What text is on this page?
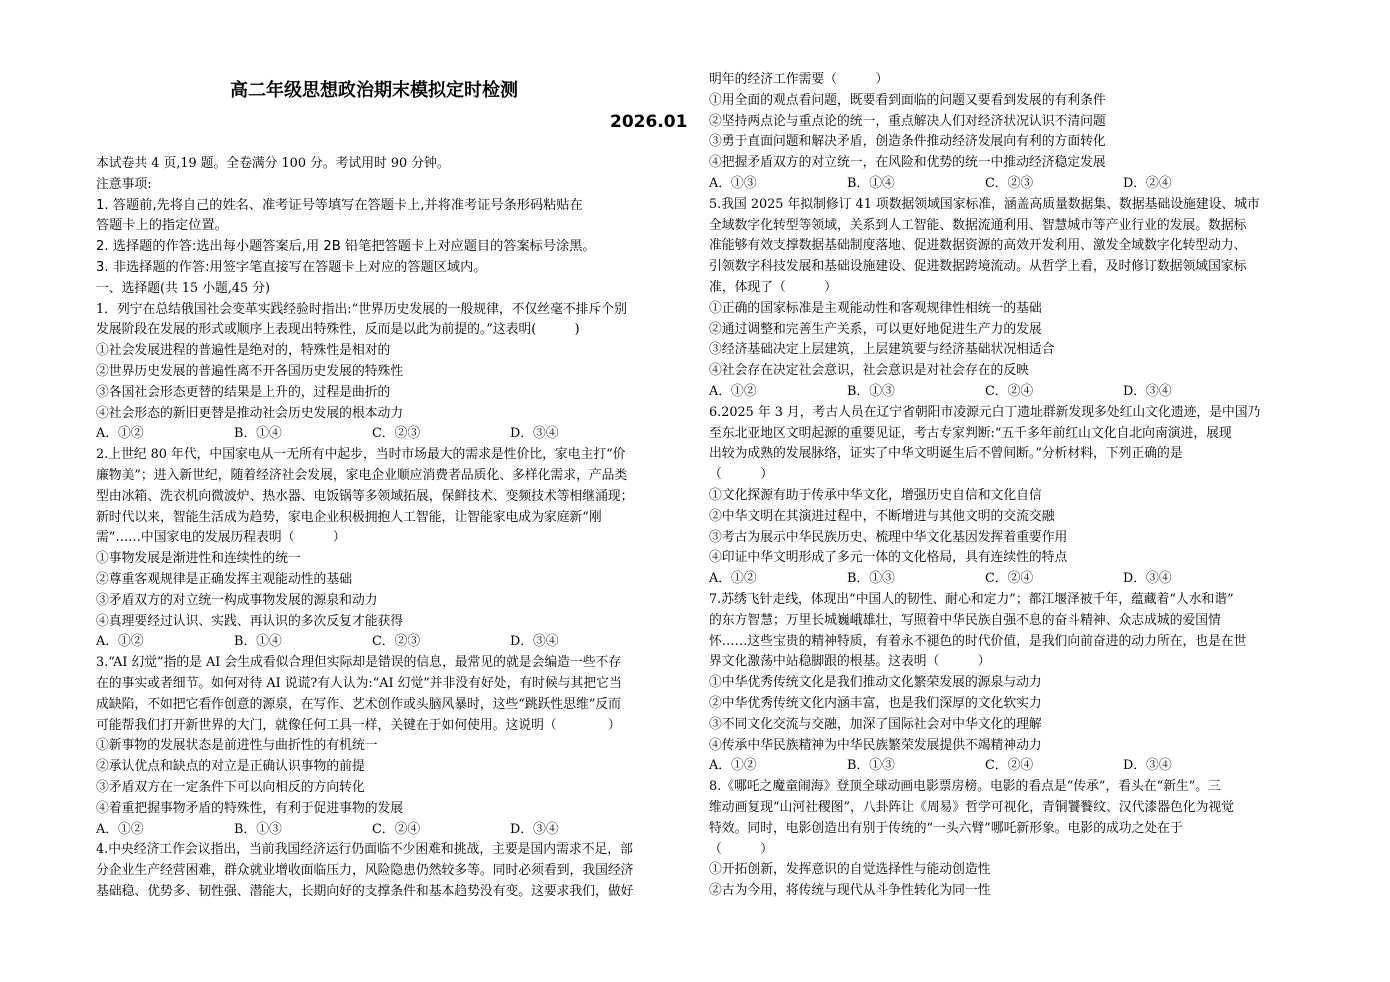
高二年级思想政治期末模拟定时检测
2026.01
本试卷共 4 页,19 题。全卷满分 100 分。考试用时 90 分钟。
注意事项:
1. 答题前,先将自己的姓名、准考证号等填写在答题卡上,并将准考证号条形码粘贴在
答题卡上的指定位置。
2. 选择题的作答:选出每小题答案后,用 2B 铅笔把答题卡上对应题目的答案标号涂黑。
3. 非选择题的作答:用签字笔直接写在答题卡上对应的答题区域内。
一、选择题(共 15 小题,45 分)
1．列宁在总结俄国社会变革实践经验时指出:“世界历史发展的一般规律，不仅丝毫不排斥个别
发展阶段在发展的形式或顺序上表现出特殊性，反而是以此为前提的。”这表明(　　　)
①社会发展进程的普遍性是绝对的，特殊性是相对的
②世界历史发展的普遍性离不开各国历史发展的特殊性
③各国社会形态更替的结果是上升的，过程是曲折的
④社会形态的新旧更替是推动社会历史发展的根本动力
A．①②	B．①④	C．②③	D．③④
2.上世纪 80 年代，中国家电从一无所有中起步，当时市场最大的需求是性价比，家电主打“价
廉物美”；进入新世纪，随着经济社会发展，家电企业顺应消费者品质化、多样化需求，产品类
型由冰箱、洗衣机向微波炉、热水器、电饭锅等多领域拓展，保鲜技术、变频技术等相继涌现；
新时代以来，智能生活成为趋势，家电企业积极拥抱人工智能，让智能家电成为家庭新“刚
需”……中国家电的发展历程表明（　　　）
①事物发展是渐进性和连续性的统一
②尊重客观规律是正确发挥主观能动性的基础
③矛盾双方的对立统一构成事物发展的源泉和动力
④真理要经过认识、实践、再认识的多次反复才能获得
A．①②	B．①④	C．②③	D．③④
3.“AI 幻觉”指的是 AI 会生成看似合理但实际却是错误的信息，最常见的就是会编造一些不存
在的事实或者细节。如何对待 AI 说谎?有人认为:“AI 幻觉”并非没有好处，有时候与其把它当
成缺陷，不如把它看作创意的源泉，在写作、艺术创作或头脑风暴时，这些“跳跃性思维”反而
可能帮我们打开新世界的大门，就像任何工具一样，关键在于如何使用。这说明（　　　　）
①新事物的发展状态是前进性与曲折性的有机统一
②承认优点和缺点的对立是正确认识事物的前提
③矛盾双方在一定条件下可以向相反的方向转化
④着重把握事物矛盾的特殊性，有利于促进事物的发展
A．①②	B．①③	C．②④	D．③④
4.中央经济工作会议指出，当前我国经济运行仍面临不少困难和挑战，主要是国内需求不足，部
分企业生产经营困难，群众就业增收面临压力，风险隐患仍然较多等。同时必须看到，我国经济
基础稳、优势多、韧性强、潜能大，长期向好的支撑条件和基本趋势没有变。这要求我们，做好
明年的经济工作需要（　　　）
①用全面的观点看问题，既要看到面临的问题又要看到发展的有利条件
②坚持两点论与重点论的统一，重点解决人们对经济状况认识不清问题
③勇于直面问题和解决矛盾，创造条件推动经济发展向有利的方面转化
④把握矛盾双方的对立统一，在风险和优势的统一中推动经济稳定发展
A．①③	B．①④	C．②③	D．②④
5.我国 2025 年拟制修订 41 项数据领域国家标准，涵盖高质量数据集、数据基础设施建设、城市
全域数字化转型等领域，关系到人工智能、数据流通利用、智慧城市等产业行业的发展。数据标
准能够有效支撑数据基础制度落地、促进数据资源的高效开发利用、激发全域数字化转型动力、
引领数字科技发展和基础设施建设、促进数据跨境流动。从哲学上看，及时修订数据领域国家标
准，体现了（　　　）
①正确的国家标准是主观能动性和客观规律性相统一的基础
②通过调整和完善生产关系，可以更好地促进生产力的发展
③经济基础决定上层建筑，上层建筑要与经济基础状况相适合
④社会存在决定社会意识，社会意识是对社会存在的反映
A．①②	B．①③	C．②④	D．③④
6.2025 年 3 月，考古人员在辽宁省朝阳市凌源元白丁遗址群新发现多处红山文化遗迹，是中国乃
至东北亚地区文明起源的重要见证，考古专家判断:“五千多年前红山文化自北向南演进，展现
出较为成熟的发展脉络，证实了中华文明诞生后不曾间断。”分析材料，下列正确的是
（　　　）
①文化探源有助于传承中华文化，增强历史自信和文化自信
②中华文明在其演进过程中，不断增进与其他文明的交流交融
③考古为展示中华民族历史、梳理中华文化基因发挥着重要作用
④印证中华文明形成了多元一体的文化格局，具有连续性的特点
A．①②	B．①③	C．②④	D．③④
7.苏绣飞针走线，体现出“中国人的韧性、耐心和定力”；都江堰泽被千年，蕴藏着“人水和谐”
的东方智慧；万里长城巍峨雄壮，写照着中华民族自强不息的奋斗精神、众志成城的爱国情
怀……这些宝贵的精神特质，有着永不褪色的时代价值，是我们向前奋进的动力所在，也是在世
界文化激荡中站稳脚跟的根基。这表明（　　　）
①中华优秀传统文化是我们推动文化繁荣发展的源泉与动力
②中华优秀传统文化内涵丰富，也是我们深厚的文化软实力
③不同文化交流与交融，加深了国际社会对中华文化的理解
④传承中华民族精神为中华民族繁荣发展提供不竭精神动力
A．①②	B．①③	C．②④	D．③④
8.《哪吒之魔童闹海》登顶全球动画电影票房榜。电影的看点是“传承”，看头在“新生”。三
维动画复现“山河社稷图”，八卦阵让《周易》哲学可视化，青铜饕餮纹、汉代漆器色化为视觉
特效。同时，电影创造出有别于传统的“一头六臂”哪吒新形象。电影的成功之处在于
（　　　）
①开拓创新，发挥意识的自觉选择性与能动创造性
②古为今用，将传统与现代从斗争性转化为同一性
